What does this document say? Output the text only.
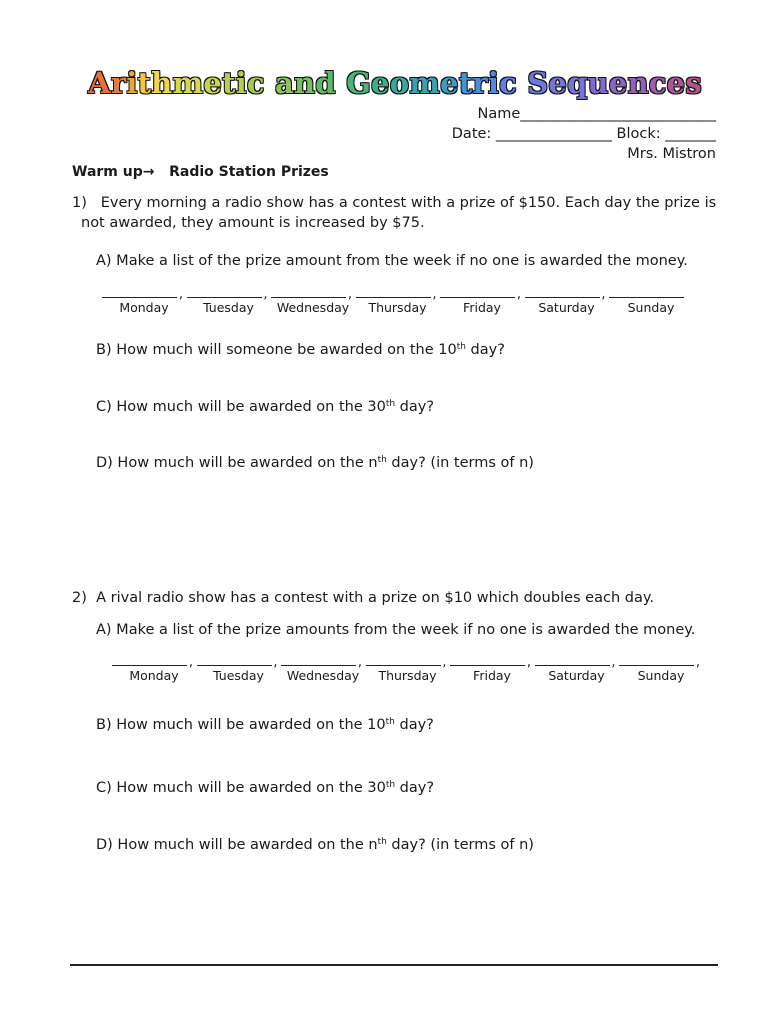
Arithmetic and Geometric Sequences
Name___________________________
Date: ________________ Block: _______
Mrs. Mistron
Warm up→ Radio Station Prizes
1) Every morning a radio show has a contest with a prize of $150. Each day the prize is
not awarded, they amount is increased by $75.
A) Make a list of the prize amount from the week if no one is awarded the money.
,
Monday
,
Tuesday
,
Wednesday
,
Thursday
,
Friday
,
Saturday	Sunday
B) How much will someone be awarded on the 10th day?
C) How much will be awarded on the 30th day?
D) How much will be awarded on the $n^{th}$ day? (in terms of n)
2) A rival radio show has a contest with a prize on $10 which doubles each day.
A) Make a list of the prize amounts from the week if no one is awarded the money.
,
Monday
,
Tuesday
,
Wednesday
,
Thursday
,
Friday
,
Saturday
,
Sunday
B) How much will be awarded on the 10th day?
C) How much will be awarded on the 30th day?
D) How much will be awarded on the $n^{th}$ day? (in terms of n)
